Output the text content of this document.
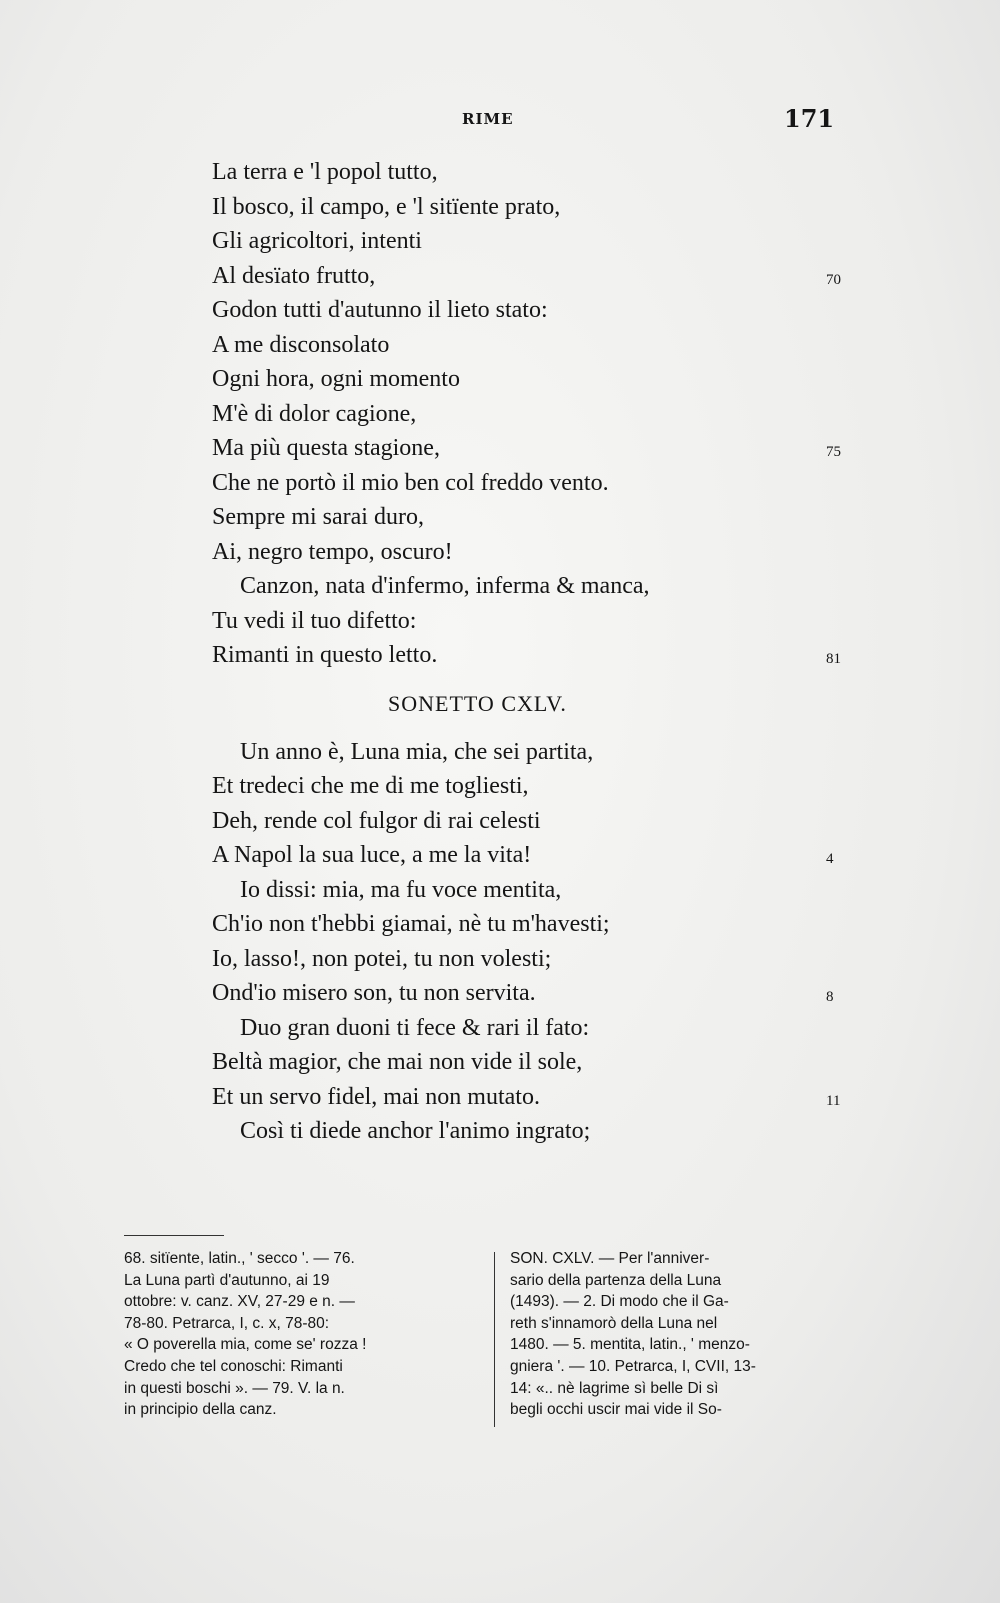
RIME	171
La terra e 'l popol tutto,
Il bosco, il campo, e 'l sitïente prato,
Gli agricoltori, intenti
Al desïato frutto,	70
Godon tutti d'autunno il lieto stato:
A me disconsolato
Ogni hora, ogni momento
M'è di dolor cagione,
Ma più questa stagione,	75
Che ne portò il mio ben col freddo vento.
Sempre mi sarai duro,
Ai, negro tempo, oscuro!
Canzon, nata d'infermo, inferma & manca,
Tu vedi il tuo difetto:
Rimanti in questo letto.	81
SONETTO CXLV.
Un anno è, Luna mia, che sei partita,
Et tredeci che me di me togliesti,
Deh, rende col fulgor di rai celesti
A Napol la sua luce, a me la vita!	4
Io dissi: mia, ma fu voce mentita,
Ch'io non t'hebbi giamai, nè tu m'havesti;
Io, lasso!, non potei, tu non volesti;
Ond'io misero son, tu non servita.	8
Duo gran duoni ti fece & rari il fato:
Beltà magior, che mai non vide il sole,
Et un servo fidel, mai non mutato.	11
Così ti diede anchor l'animo ingrato;
68. sitïente, latin., ' secco '. — 76.
La Luna partì d'autunno, ai 19
ottobre: v. canz. XV, 27-29 e n. —
78-80. Petrarca, I, c. x, 78-80:
« O poverella mia, come se' rozza !
Credo che tel conoschi: Rimanti
in questi boschi ». — 79. V. la n.
in principio della canz.
SON. CXLV. — Per l'anniver-
sario della partenza della Luna
(1493). — 2. Di modo che il Ga-
reth s'innamorò della Luna nel
1480. — 5. mentita, latin., ' menzo-
gniera '. — 10. Petrarca, I, CVII, 13-
14: «.. nè lagrime sì belle Di sì
begli occhi uscir mai vide il So-
